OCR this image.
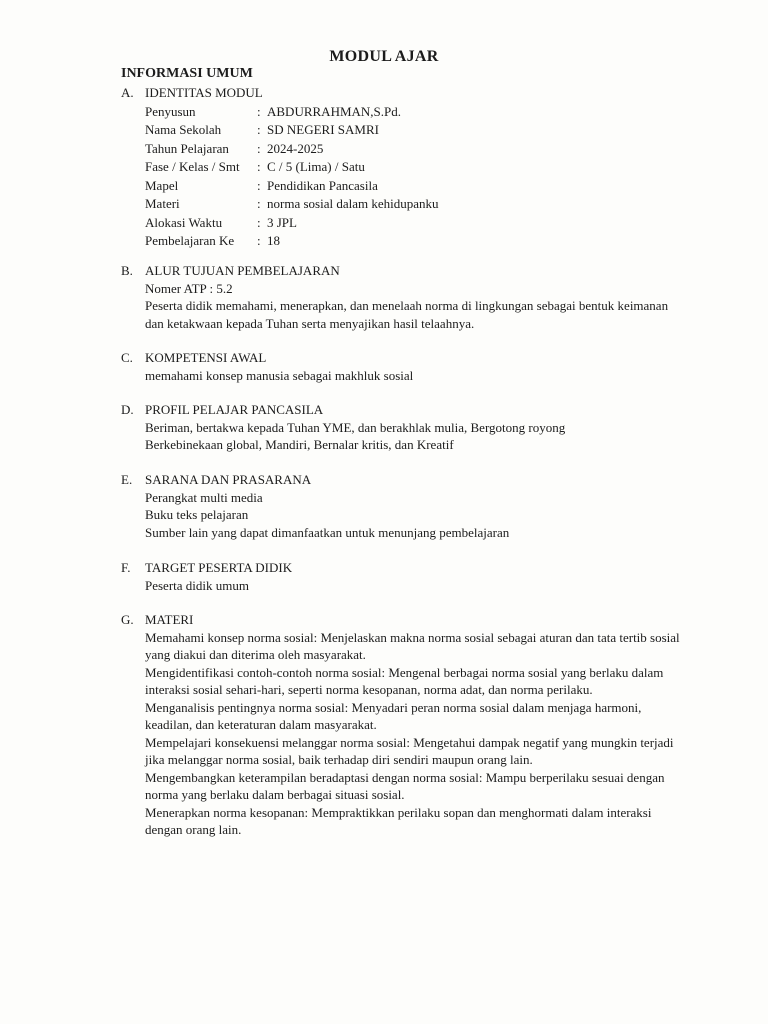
MODUL AJAR
INFORMASI UMUM
A. IDENTITAS MODUL
Penyusun	: ABDURRAHMAN,S.Pd.
Nama Sekolah	: SD NEGERI SAMRI
Tahun Pelajaran	: 2024-2025
Fase / Kelas / Smt	: C / 5 (Lima) / Satu
Mapel	: Pendidikan Pancasila
Materi	: norma sosial dalam kehidupanku
Alokasi Waktu	: 3 JPL
Pembelajaran Ke	: 18
B. ALUR TUJUAN PEMBELAJARAN
Nomer ATP : 5.2
Peserta didik memahami, menerapkan, dan menelaah norma di lingkungan sebagai bentuk keimanan dan ketakwaan kepada Tuhan serta menyajikan hasil telaahnya.
C. KOMPETENSI AWAL
memahami konsep manusia sebagai makhluk sosial
D. PROFIL PELAJAR PANCASILA
Beriman, bertakwa kepada Tuhan YME, dan berakhlak mulia, Bergotong royong
Berkebinekaan global, Mandiri, Bernalar kritis, dan Kreatif
E. SARANA DAN PRASARANA
Perangkat multi media
Buku teks pelajaran
Sumber lain yang dapat dimanfaatkan untuk menunjang pembelajaran
F.	TARGET PESERTA DIDIK
Peserta didik umum
G. MATERI
Memahami konsep norma sosial: Menjelaskan makna norma sosial sebagai aturan dan tata tertib sosial yang diakui dan diterima oleh masyarakat.
Mengidentifikasi contoh-contoh norma sosial: Mengenal berbagai norma sosial yang berlaku dalam interaksi sosial sehari-hari, seperti norma kesopanan, norma adat, dan norma perilaku.
Menganalisis pentingnya norma sosial: Menyadari peran norma sosial dalam menjaga harmoni, keadilan, dan keteraturan dalam masyarakat.
Mempelajari konsekuensi melanggar norma sosial: Mengetahui dampak negatif yang mungkin terjadi jika melanggar norma sosial, baik terhadap diri sendiri maupun orang lain.
Mengembangkan keterampilan beradaptasi dengan norma sosial: Mampu berperilaku sesuai dengan norma yang berlaku dalam berbagai situasi sosial.
Menerapkan norma kesopanan: Mempraktikkan perilaku sopan dan menghormati dalam interaksi dengan orang lain.
